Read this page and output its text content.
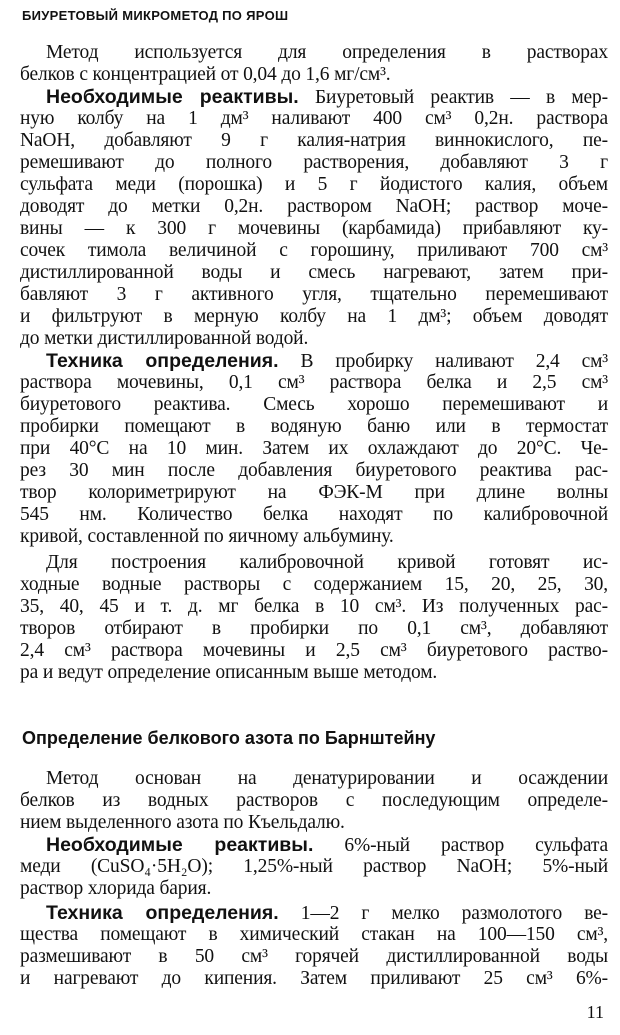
БИУРЕТОВЫЙ МИКРОМЕТОД ПО ЯРОШ
Метод используется для определения в растворах
белков с концентрацией от 0,04 до 1,6 мг/см³.
Необходимые реактивы. Биуретовый реактив — в мер-
ную колбу на 1 дм³ наливают 400 см³ 0,2н. раствора
NaOH, добавляют 9 г калия-натрия виннокислого, пе-
ремешивают до полного растворения, добавляют 3 г
сульфата меди (порошка) и 5 г йодистого калия, объем
доводят до метки 0,2н. раствором NaOH; раствор моче-
вины — к 300 г мочевины (карбамида) прибавляют ку-
сочек тимола величиной с горошину, приливают 700 см³
дистиллированной воды и смесь нагревают, затем при-
бавляют 3 г активного угля, тщательно перемешивают
и фильтруют в мерную колбу на 1 дм³; объем доводят
до метки дистиллированной водой.
Техника определения. В пробирку наливают 2,4 см³
раствора мочевины, 0,1 см³ раствора белка и 2,5 см³
биуретового реактива. Смесь хорошо перемешивают и
пробирки помещают в водяную баню или в термостат
при 40°С на 10 мин. Затем их охлаждают до 20°С. Че-
рез 30 мин после добавления биуретового реактива рас-
твор колориметрируют на ФЭК-М при длине волны
545 нм. Количество белка находят по калибровочной
кривой, составленной по яичному альбумину.
Для построения калибровочной кривой готовят ис-
ходные водные растворы с содержанием 15, 20, 25, 30,
35, 40, 45 и т. д. мг белка в 10 см³. Из полученных рас-
творов отбирают в пробирки по 0,1 см³, добавляют
2,4 см³ раствора мочевины и 2,5 см³ биуретового раство-
ра и ведут определение описанным выше методом.
Определение белкового азота по Барнштейну
Метод основан на денатурировании и осаждении
белков из водных растворов с последующим определе-
нием выделенного азота по Къельдалю.
Необходимые реактивы. 6%-ный раствор сульфата
меди (CuSO₄·5H₂O); 1,25%-ный раствор NaOH; 5%-ный
раствор хлорида бария.
Техника определения. 1—2 г мелко размолотого ве-
щества помещают в химический стакан на 100—150 см³,
размешивают в 50 см³ горячей дистиллированной воды
и нагревают до кипения. Затем приливают 25 см³ 6%-
11
